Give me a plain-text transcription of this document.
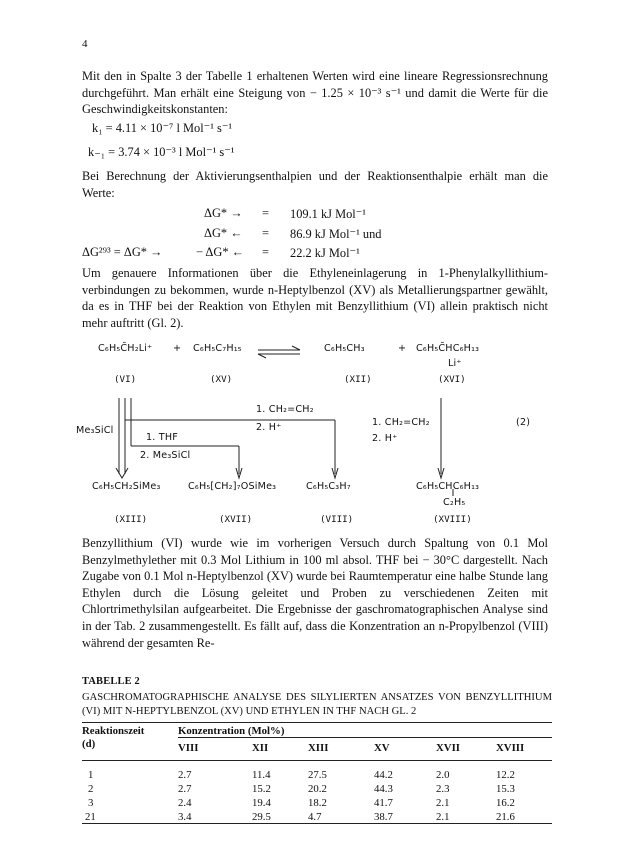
4
Mit den in Spalte 3 der Tabelle 1 erhaltenen Werten wird eine lineare Regressionsrechnung durchgeführt. Man erhält eine Steigung von − 1.25 × 10⁻³ s⁻¹ und damit die Werte für die Geschwindigkeitskonstanten:
k₁ = 4.11 × 10⁻⁷ l Mol⁻¹ s⁻¹
k₋₁ = 3.74 × 10⁻³ l Mol⁻¹ s⁻¹
Bei Berechnung der Aktivierungsenthalpien und der Reaktionsenthalpie erhält man die Werte:
ΔG* → = 109.1 kJ Mol⁻¹
ΔG* ← = 86.9 kJ Mol⁻¹ und
ΔG²⁹³ = ΔG* →	− ΔG* ← = 22.2 kJ Mol⁻¹
Um genauere Informationen über die Ethyleneinlagerung in 1-Phenylalkyllithium-verbindungen zu bekommen, wurde n-Heptylbenzol (XV) als Metallierungspartner gewählt, da es in THF bei der Reaktion von Ethylen mit Benzyllithium (VI) allein praktisch nicht mehr auftritt (Gl. 2).
C₆H₅C̄H₂Li⁺ + C₆H₅C₇H₁₅	C₆H₅CH₃	+ C₆H₅C̄HC₆H₁₃
Li⁺
(VI)	(XV)	(XII)	(XVI)
Me₃SiCl
1. THF
2. Me₃SiCl
1. CH₂=CH₂
2. H⁺	1. CH₂=CH₂
2. H⁺
(2)
C₆H₅CH₂SiMe₃	C₆H₅[CH₂]₇OSiMe₃	C₆H₅C₃H₇	C₆H₅CHC₆H₁₃
C₂H₅
(XIII)	(XVII)	(VIII)	(XVIII)
Benzyllithium (VI) wurde wie im vorherigen Versuch durch Spaltung von 0.1 Mol Benzylmethylether mit 0.3 Mol Lithium in 100 ml absol. THF bei − 30°C dargestellt. Nach Zugabe von 0.1 Mol n-Heptylbenzol (XV) wurde bei Raumtemperatur eine halbe Stunde lang Ethylen durch die Lösung geleitet und Proben zu verschiedenen Zeiten mit Chlortrimethylsilan aufgearbeitet. Die Ergebnisse der gaschromatographischen Analyse sind in der Tab. 2 zusammengestellt. Es fällt auf, dass die Konzentration an n-Propylbenzol (VIII) während der gesamten Re-
TABELLE 2
GASCHROMATOGRAPHISCHE ANALYSE DES SILYLIERTEN ANSATZES VON BENZYLLITHIUM (VI) MIT N-HEPTYLBENZOL (XV) UND ETHYLEN IN THF NACH GL. 2
Reaktionszeit	Konzentration (Mol%)					
(d)	VIII	XII	XIII	XV	XVII	XVIII

1	2.7	11.4	27.5	44.2	2.0	12.2
2	2.7	15.2	20.2	44.3	2.3	15.3
3	2.4	19.4	18.2	41.7	2.1	16.2
21	3.4	29.5	4.7	38.7	2.1	21.6
